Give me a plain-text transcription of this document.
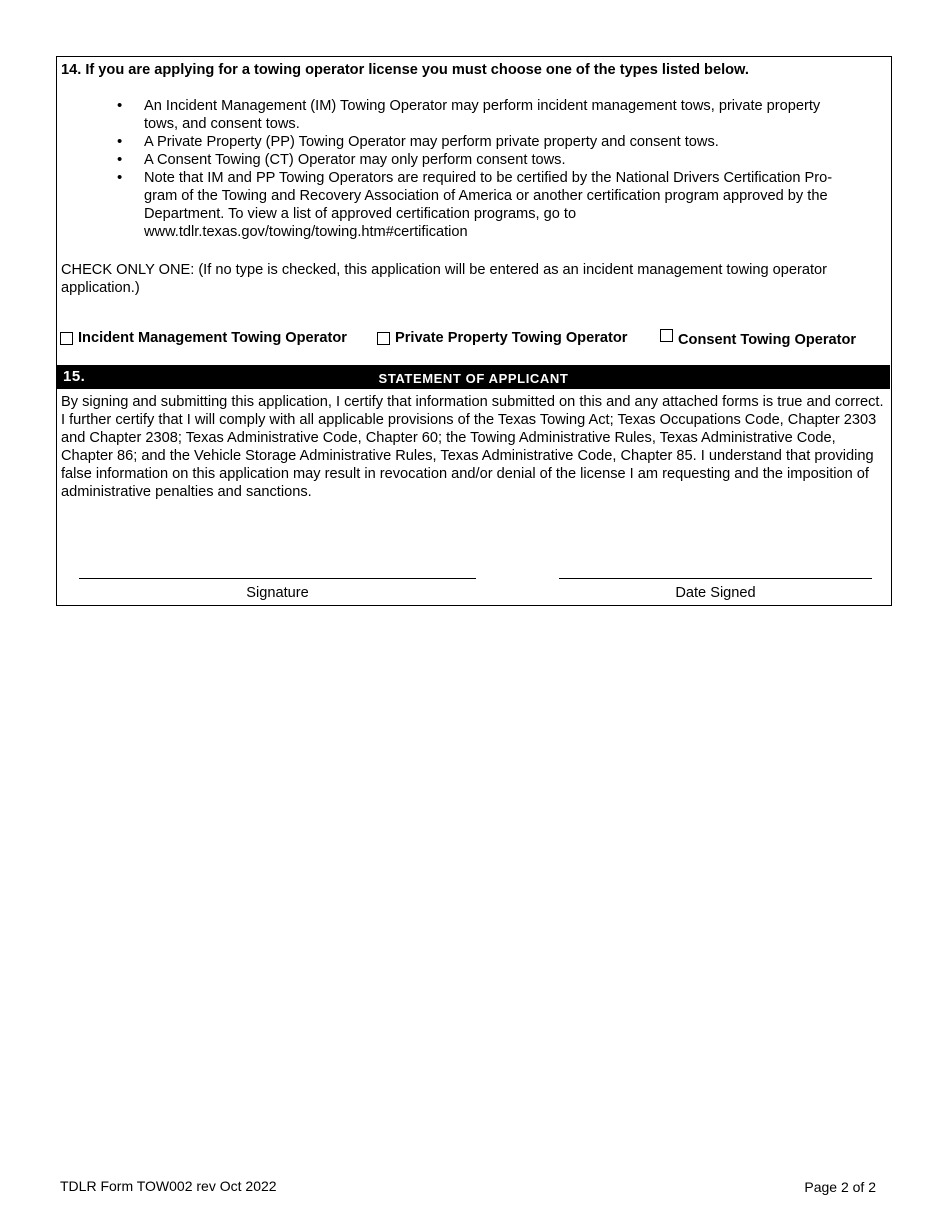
14. If you are applying for a towing operator license you must choose one of the types listed below.
• An Incident Management (IM) Towing Operator may perform incident management tows, private property tows, and consent tows.
• A Private Property (PP) Towing Operator may perform private property and consent tows.
• A Consent Towing (CT) Operator may only perform consent tows.
• Note that IM and PP Towing Operators are required to be certified by the National Drivers Certification Pro- gram of the Towing and Recovery Association of America or another certification program approved by the Department. To view a list of approved certification programs, go to www.tdlr.texas.gov/towing/towing.htm#certification
CHECK ONLY ONE: (If no type is checked, this application will be entered as an incident management towing operator application.)
Incident Management Towing Operator	Private Property Towing Operator	Consent Towing Operator
15.	STATEMENT OF APPLICANT
By signing and submitting this application, I certify that information submitted on this and any attached forms is true and correct. I further certify that I will comply with all applicable provisions of the Texas Towing Act; Texas Occupations Code, Chapter 2303 and Chapter 2308; Texas Administrative Code, Chapter 60; the Towing Administrative Rules, Texas Administrative Code, Chapter 86; and the Vehicle Storage Administrative Rules, Texas Administrative Code, Chapter 85. I understand that providing false information on this application may result in revocation and/or denial of the license I am requesting and the imposition of administrative penalties and sanctions.
Signature	Date Signed
TDLR Form TOW002 rev Oct 2022	Page 2 of 2
